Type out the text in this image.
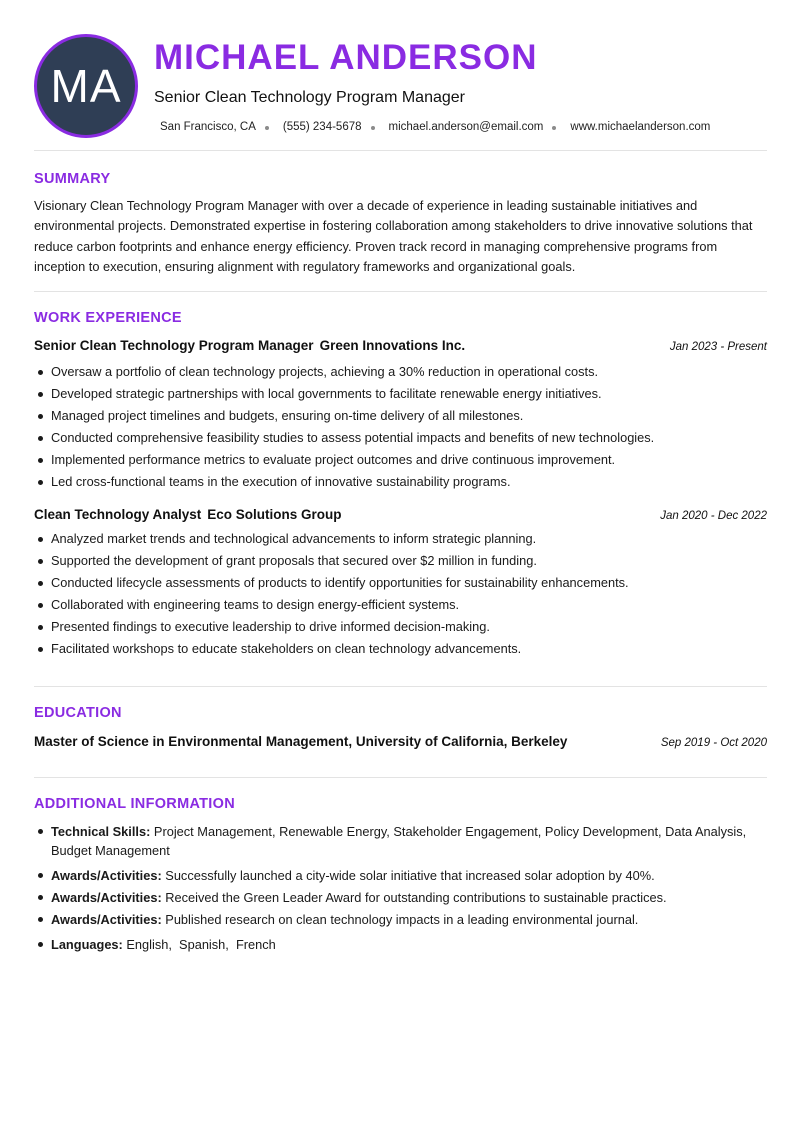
MA
MICHAEL ANDERSON
Senior Clean Technology Program Manager
San Francisco, CA (555) 234-5678 michael.anderson@email.com www.michaelanderson.com
SUMMARY
Visionary Clean Technology Program Manager with over a decade of experience in leading sustainable initiatives and environmental projects. Demonstrated expertise in fostering collaboration among stakeholders to drive innovative solutions that reduce carbon footprints and enhance energy efficiency. Proven track record in managing comprehensive programs from inception to execution, ensuring alignment with regulatory frameworks and organizational goals.
WORK EXPERIENCE
Senior Clean Technology Program Manager Green Innovations Inc.	Jan 2023 - Present
Oversaw a portfolio of clean technology projects, achieving a 30% reduction in operational costs.
Developed strategic partnerships with local governments to facilitate renewable energy initiatives.
Managed project timelines and budgets, ensuring on-time delivery of all milestones.
Conducted comprehensive feasibility studies to assess potential impacts and benefits of new technologies.
Implemented performance metrics to evaluate project outcomes and drive continuous improvement.
Led cross-functional teams in the execution of innovative sustainability programs.
Clean Technology Analyst Eco Solutions Group	Jan 2020 - Dec 2022
Analyzed market trends and technological advancements to inform strategic planning.
Supported the development of grant proposals that secured over $2 million in funding.
Conducted lifecycle assessments of products to identify opportunities for sustainability enhancements.
Collaborated with engineering teams to design energy-efficient systems.
Presented findings to executive leadership to drive informed decision-making.
Facilitated workshops to educate stakeholders on clean technology advancements.
EDUCATION
Master of Science in Environmental Management, University of California, Berkeley	Sep 2019 - Oct 2020
ADDITIONAL INFORMATION
Technical Skills: Project Management, Renewable Energy, Stakeholder Engagement, Policy Development, Data Analysis, Budget Management
Awards/Activities: Successfully launched a city-wide solar initiative that increased solar adoption by 40%.
Awards/Activities: Received the Green Leader Award for outstanding contributions to sustainable practices.
Awards/Activities: Published research on clean technology impacts in a leading environmental journal.
Languages: English , Spanish , French
